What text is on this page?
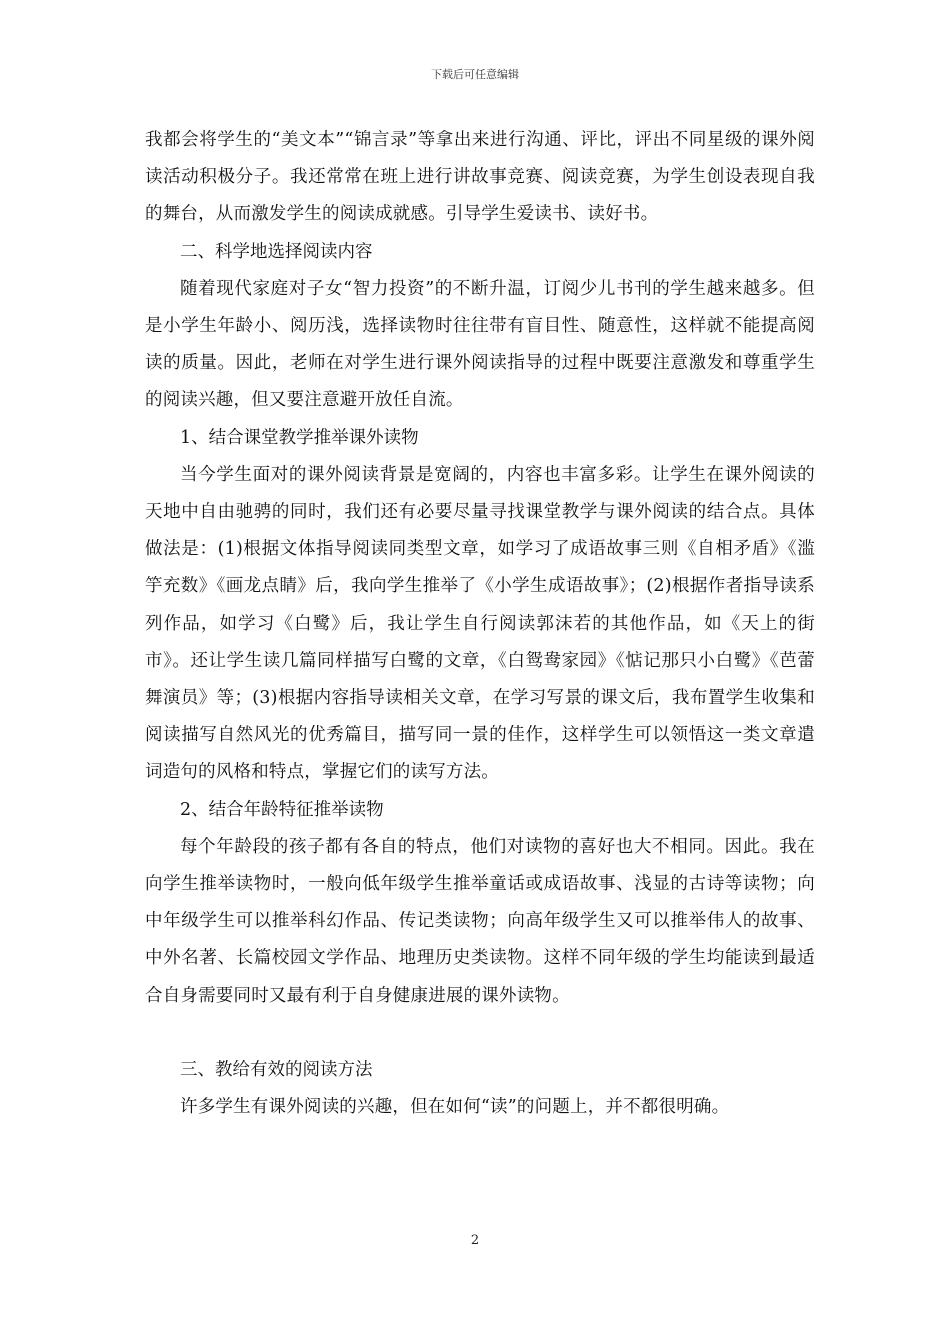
下载后可任意编辑

我都会将学生的“美文本”“锦言录”等拿出来进行沟通、评比，评出不同星级的课外阅读活动积极分子。我还常常在班上进行讲故事竞赛、阅读竞赛，为学生创设表现自我的舞台，从而激发学生的阅读成就感。引导学生爱读书、读好书。

二、科学地选择阅读内容

随着现代家庭对子女“智力投资”的不断升温，订阅少儿书刊的学生越来越多。但是小学生年龄小、阅历浅，选择读物时往往带有盲目性、随意性，这样就不能提高阅读的质量。因此，老师在对学生进行课外阅读指导的过程中既要注意激发和尊重学生的阅读兴趣，但又要注意避开放任自流。

1、结合课堂教学推举课外读物

当今学生面对的课外阅读背景是宽阔的，内容也丰富多彩。让学生在课外阅读的天地中自由驰骋的同时，我们还有必要尽量寻找课堂教学与课外阅读的结合点。具体做法是：(1)根据文体指导阅读同类型文章，如学习了成语故事三则《自相矛盾》《滥竽充数》《画龙点睛》后，我向学生推举了《小学生成语故事》；(2)根据作者指导读系列作品，如学习《白鹭》后，我让学生自行阅读郭沫若的其他作品，如《天上的街市》。还让学生读几篇同样描写白鹭的文章，《白鸳鸯家园》《惦记那只小白鹭》《芭蕾舞演员》等；(3)根据内容指导读相关文章，在学习写景的课文后，我布置学生收集和阅读描写自然风光的优秀篇目，描写同一景的佳作，这样学生可以领悟这一类文章遣词造句的风格和特点，掌握它们的读写方法。

2、结合年龄特征推举读物

每个年龄段的孩子都有各自的特点，他们对读物的喜好也大不相同。因此。我在向学生推举读物时，一般向低年级学生推举童话或成语故事、浅显的古诗等读物；向中年级学生可以推举科幻作品、传记类读物；向高年级学生又可以推举伟人的故事、中外名著、长篇校园文学作品、地理历史类读物。这样不同年级的学生均能读到最适合自身需要同时又最有利于自身健康进展的课外读物。

三、教给有效的阅读方法

许多学生有课外阅读的兴趣，但在如何“读”的问题上，并不都很明确。

2
